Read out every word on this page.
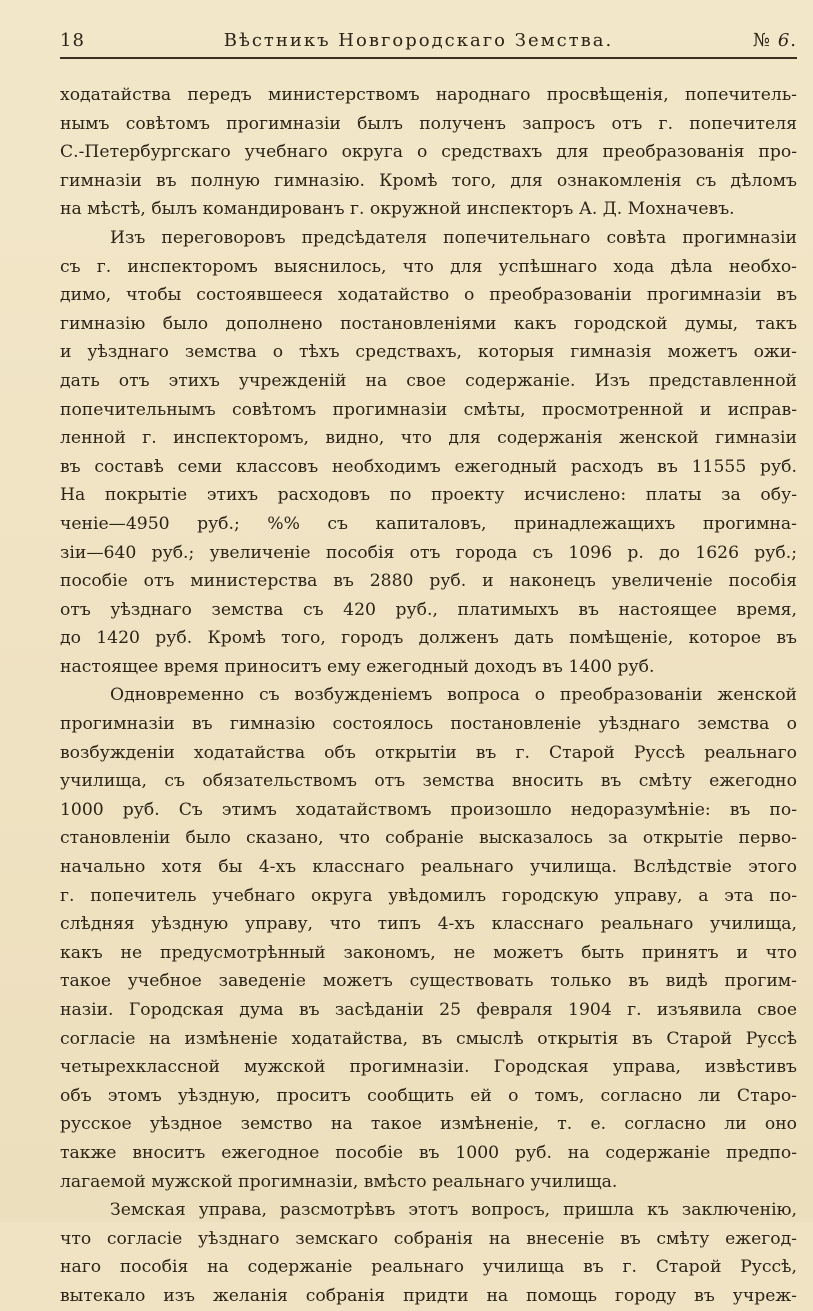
18	Вѣстникъ Новгородскаго Земства.	№ 6.
ходатайства передъ министерствомъ народнаго просвѣщенія, попечитель-
нымъ совѣтомъ прогимназіи былъ полученъ запросъ отъ г. попечителя
С.-Петербургскаго учебнаго округа о средствахъ для преобразованія про-
гимназіи въ полную гимназію. Кромѣ того, для ознакомленія съ дѣломъ
на мѣстѣ, былъ командированъ г. окружной инспекторъ А. Д. Мохначевъ.
Изъ переговоровъ предсѣдателя попечительнаго совѣта прогимназіи
съ г. инспекторомъ выяснилось, что для успѣшнаго хода дѣла необхо-
димо, чтобы состоявшееся ходатайство о преобразованіи прогимназіи въ
гимназію было дополнено постановленіями какъ городской думы, такъ
и уѣзднаго земства о тѣхъ средствахъ, которыя гимназія можетъ ожи-
дать отъ этихъ учрежденій на свое содержаніе. Изъ представленной
попечительнымъ совѣтомъ прогимназіи смѣты, просмотренной и исправ-
ленной г. инспекторомъ, видно, что для содержанія женской гимназіи
въ составѣ семи классовъ необходимъ ежегодный расходъ въ 11555 руб.
На покрытіе этихъ расходовъ по проекту исчислено: платы за обу-
ченіе—4950 руб.; %% съ капиталовъ, принадлежащихъ прогимна-
зіи—640 руб.; увеличеніе пособія отъ города съ 1096 р. до 1626 руб.;
пособіе отъ министерства въ 2880 руб. и наконецъ увеличеніе пособія
отъ уѣзднаго земства съ 420 руб., платимыхъ въ настоящее время,
до 1420 руб. Кромѣ того, городъ долженъ дать помѣщеніе, которое въ
настоящее время приноситъ ему ежегодный доходъ въ 1400 руб.
Одновременно съ возбужденіемъ вопроса о преобразованіи женской
прогимназіи въ гимназію состоялось постановленіе уѣзднаго земства о
возбужденіи ходатайства объ открытіи въ г. Старой Руссѣ реальнаго
училища, съ обязательствомъ отъ земства вносить въ смѣту ежегодно
1000 руб. Съ этимъ ходатайствомъ произошло недоразумѣніе: въ по-
становленіи было сказано, что собраніе высказалось за открытіе перво-
начально хотя бы 4-хъ класснаго реальнаго училища. Вслѣдствіе этого
г. попечитель учебнаго округа увѣдомилъ городскую управу, а эта по-
слѣдняя уѣздную управу, что типъ 4-хъ класснаго реальнаго училища,
какъ не предусмотрѣнный закономъ, не можетъ быть принятъ и что
такое учебное заведеніе можетъ существовать только въ видѣ прогим-
назіи. Городская дума въ засѣданіи 25 февраля 1904 г. изъявила свое
согласіе на измѣненіе ходатайства, въ смыслѣ открытія въ Старой Руссѣ
четырехклассной мужской прогимназіи. Городская управа, извѣстивъ
объ этомъ уѣздную, проситъ сообщить ей о томъ, согласно ли Старо-
русское уѣздное земство на такое измѣненіе, т. е. согласно ли оно
также вноситъ ежегодное пособіе въ 1000 руб. на содержаніе предпо-
лагаемой мужской прогимназіи, вмѣсто реальнаго училища.
Земская управа, разсмотрѣвъ этотъ вопросъ, пришла къ заключенію,
что согласіе уѣзднаго земскаго собранія на внесеніе въ смѣту ежегод-
наго пособія на содержаніе реальнаго училища въ г. Старой Руссѣ,
вытекало изъ желанія собранія придти на помощь городу въ учреж-
